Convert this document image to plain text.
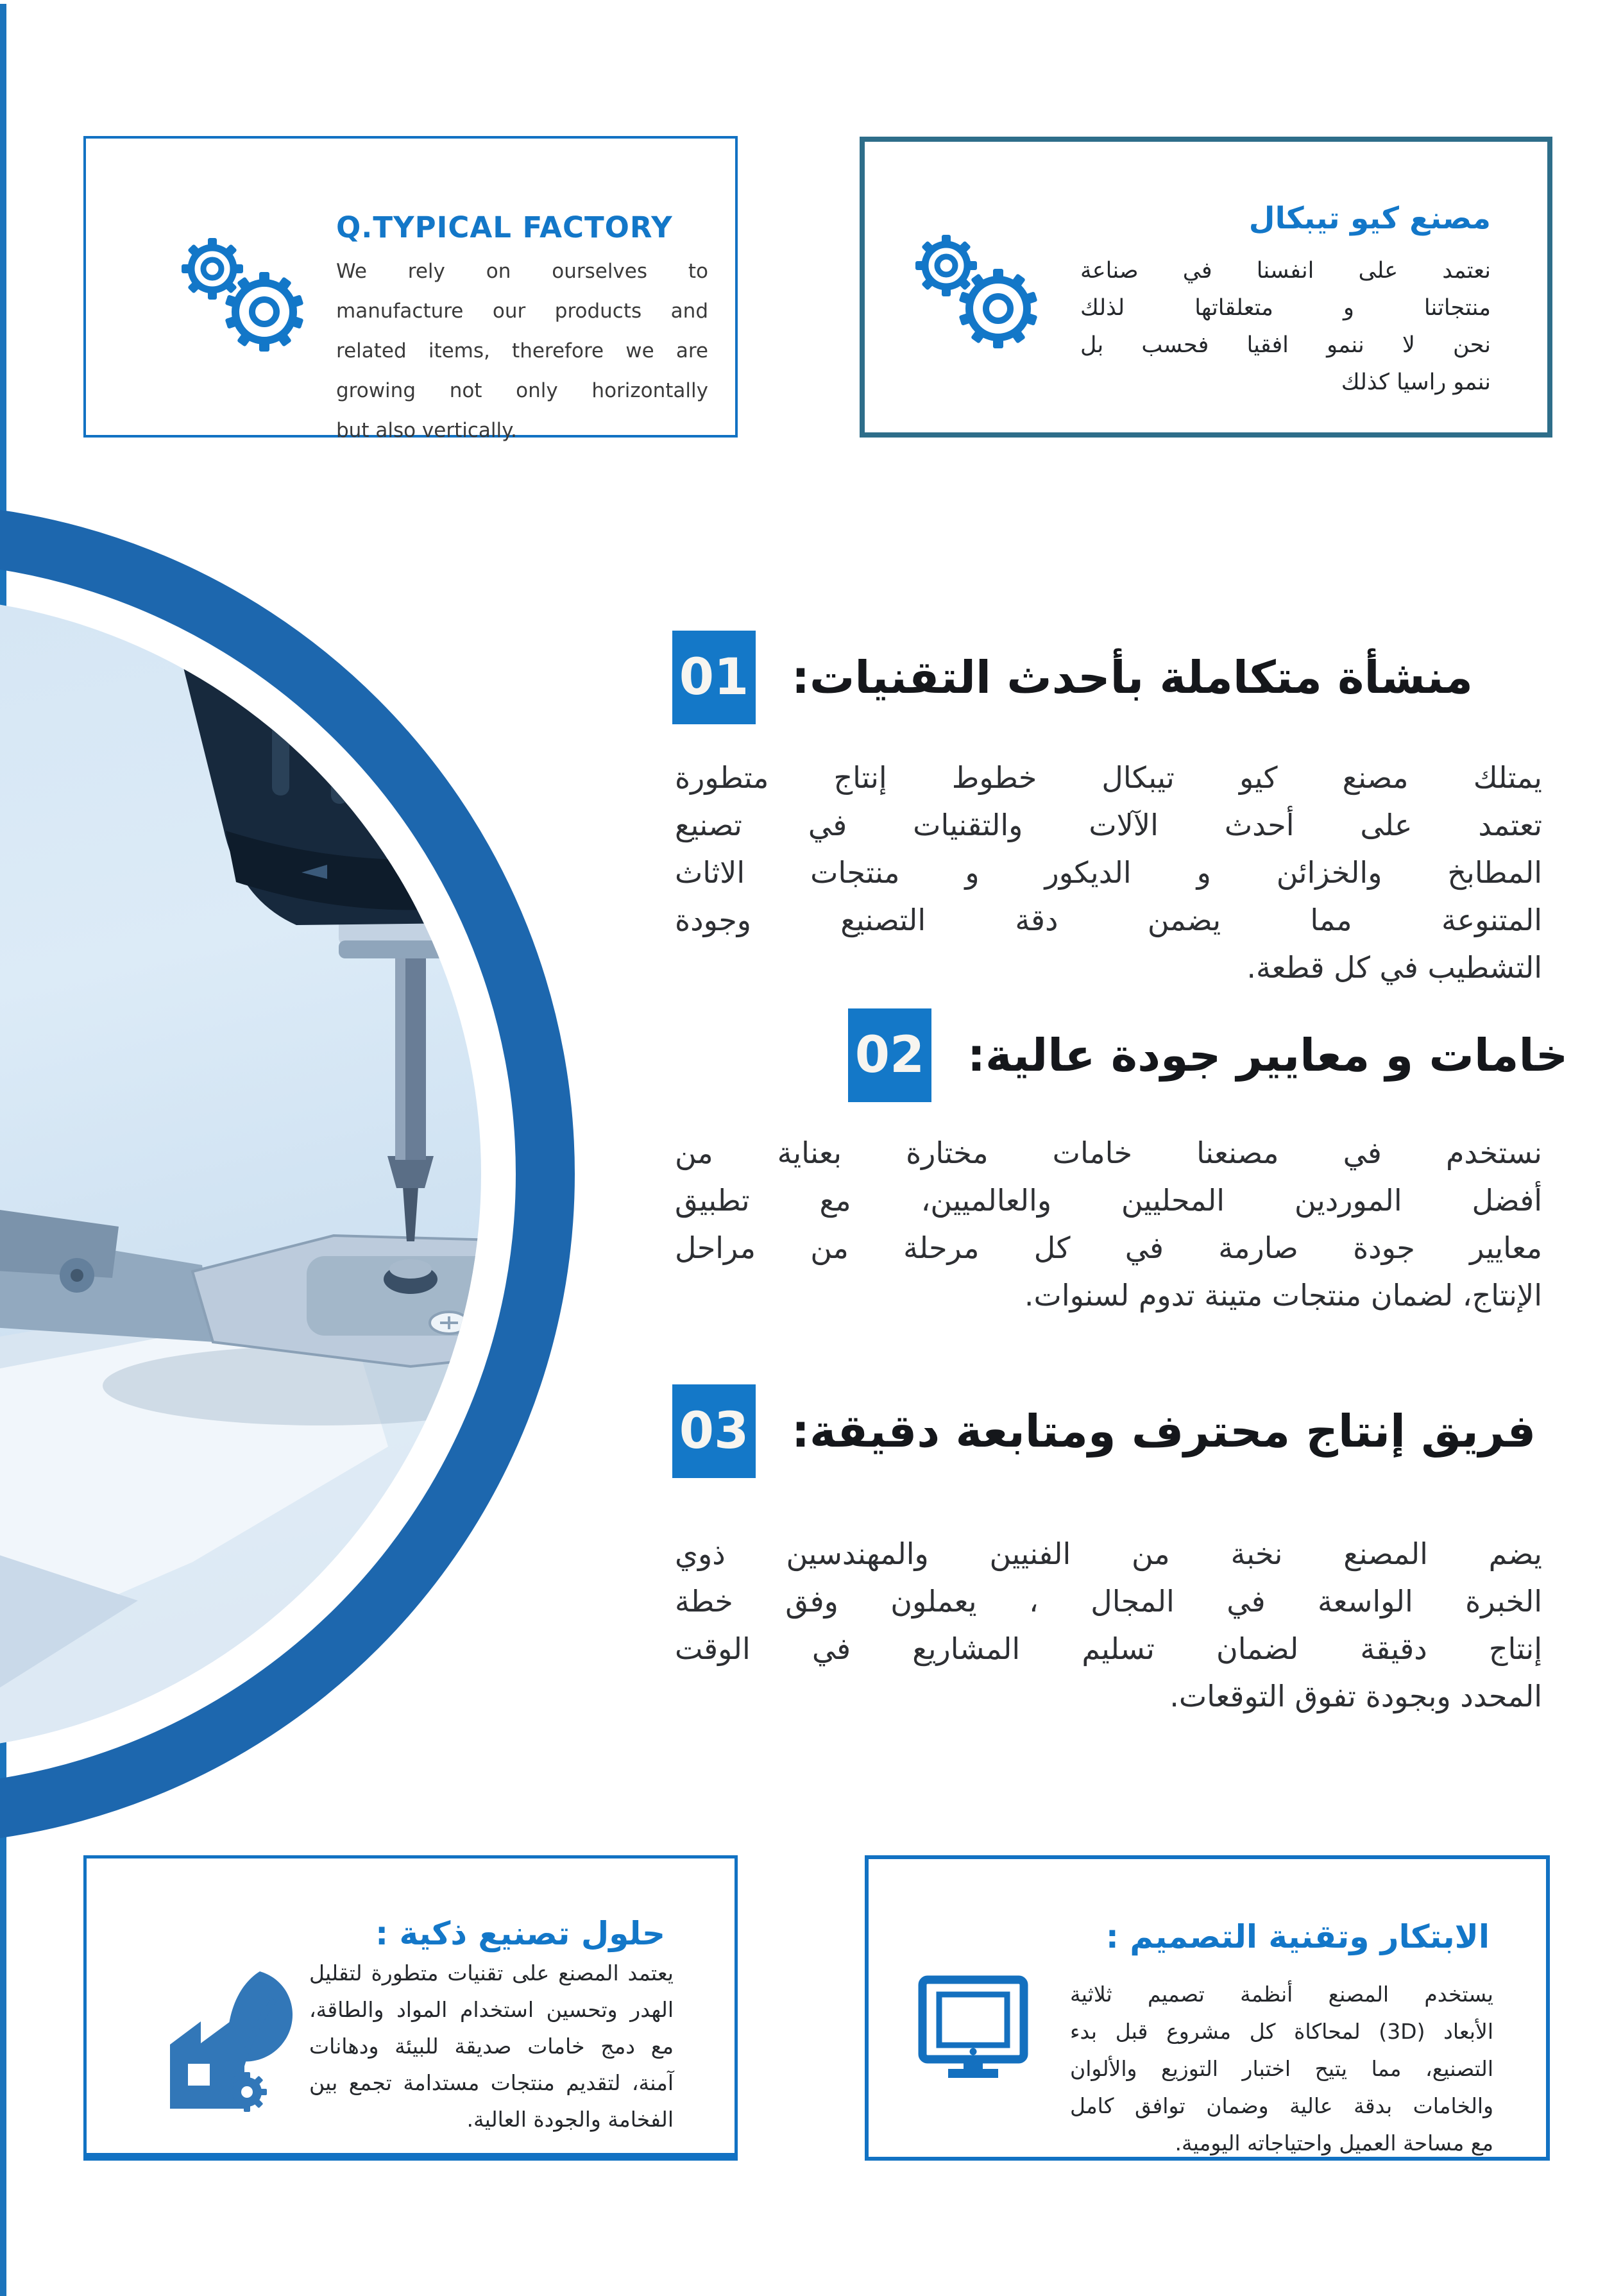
Q.TYPICAL FACTORY
We rely on ourselves to
manufacture our products and
related items, therefore we are
growing not only horizontally
but also vertically.
مصنع كيو تيبكال
نعتمد على انفسنا في صناعة
منتجاتنا و متعلقاتها لذلك
نحن لا ننمو افقيا فحسب بل
ننمو راسيا كذلك
01 منشأة متكاملة بأحدث التقنيات:
يمتلك مصنع كيو تيبكال خطوط إنتاج متطورة
تعتمد على أحدث الآلات والتقنيات في تصنيع
المطابخ والخزائن و الديكور و منتجات الاثاث
المتنوعة مما يضمن دقة التصنيع وجودة
التشطيب في كل قطعة.
02 خامات و معايير جودة عالية:
نستخدم في مصنعنا خامات مختارة بعناية من
أفضل الموردين المحليين والعالميين، مع تطبيق
معايير جودة صارمة في كل مرحلة من مراحل
الإنتاج، لضمان منتجات متينة تدوم لسنوات.
03 فريق إنتاج محترف ومتابعة دقيقة:
يضم المصنع نخبة من الفنيين والمهندسين ذوي
الخبرة الواسعة في المجال ، يعملون وفق خطة
إنتاج دقيقة لضمان تسليم المشاريع في الوقت
المحدد وبجودة تفوق التوقعات.
حلول تصنيع ذكية :
يعتمد المصنع على تقنيات متطورة لتقليل
الهدر وتحسين استخدام المواد والطاقة،
مع دمج خامات صديقة للبيئة ودهانات
آمنة، لتقديم منتجات مستدامة تجمع بين
الفخامة والجودة العالية.
الابتكار وتقنية التصميم :
يستخدم المصنع أنظمة تصميم ثلاثية
الأبعاد (3D) لمحاكاة كل مشروع قبل بدء
التصنيع، مما يتيح اختبار التوزيع والألوان
والخامات بدقة عالية وضمان توافق كامل
مع مساحة العميل واحتياجاته اليومية.
